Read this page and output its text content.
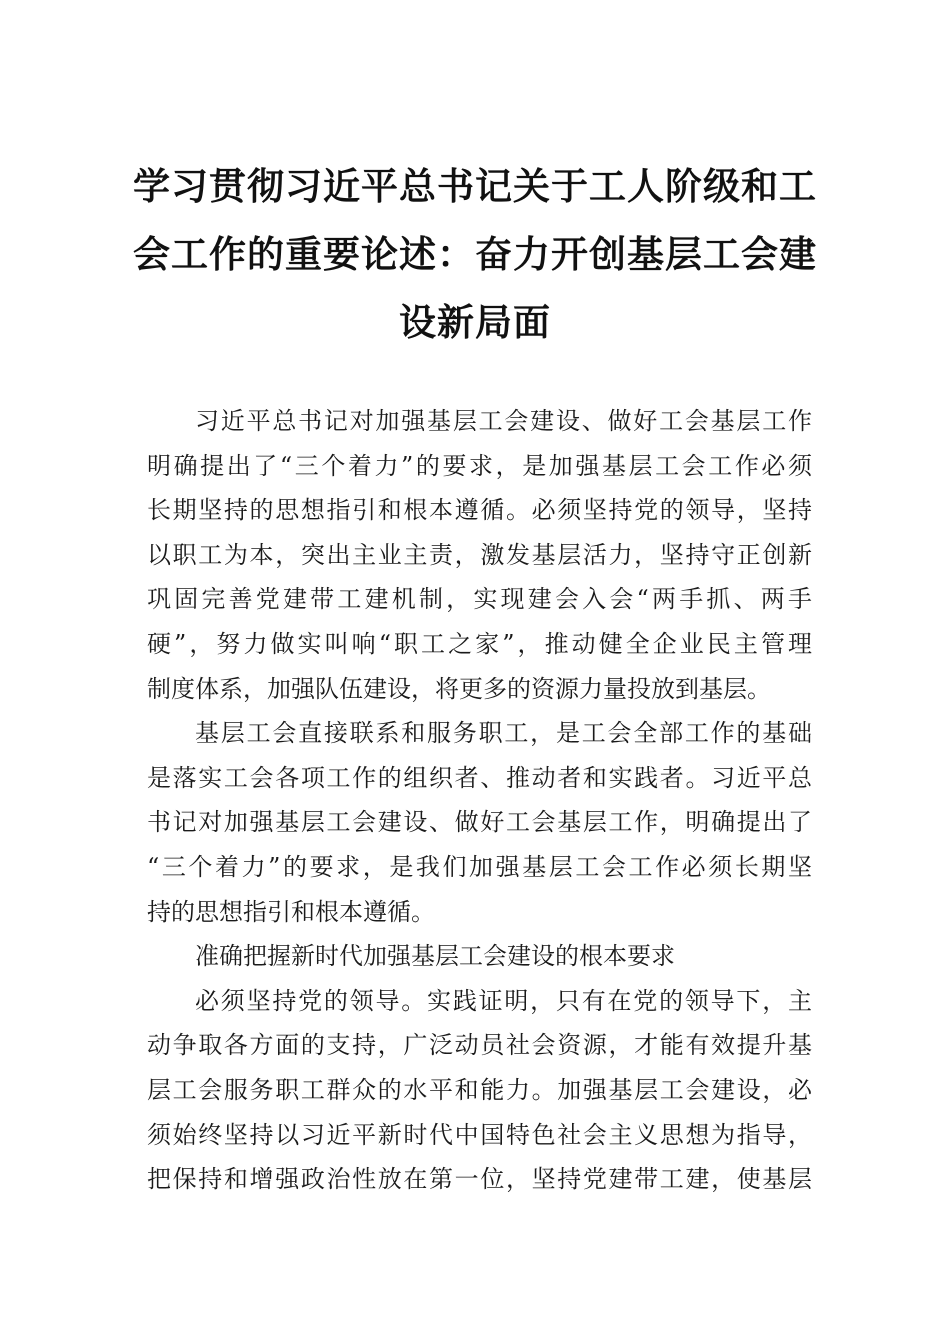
学习贯彻习近平总书记关于工人阶级和工
会工作的重要论述：奋力开创基层工会建
设新局面

习近平总书记对加强基层工会建设、做好工会基层工作
明确提出了“三个着力”的要求，是加强基层工会工作必须
长期坚持的思想指引和根本遵循。必须坚持党的领导，坚持
以职工为本，突出主业主责，激发基层活力，坚持守正创新
巩固完善党建带工建机制，实现建会入会“两手抓、两手
硬”，努力做实叫响“职工之家”，推动健全企业民主管理
制度体系，加强队伍建设，将更多的资源力量投放到基层。

基层工会直接联系和服务职工，是工会全部工作的基础
是落实工会各项工作的组织者、推动者和实践者。习近平总
书记对加强基层工会建设、做好工会基层工作，明确提出了
“三个着力”的要求，是我们加强基层工会工作必须长期坚
持的思想指引和根本遵循。

准确把握新时代加强基层工会建设的根本要求

必须坚持党的领导。实践证明，只有在党的领导下，主
动争取各方面的支持，广泛动员社会资源，才能有效提升基
层工会服务职工群众的水平和能力。加强基层工会建设，必
须始终坚持以习近平新时代中国特色社会主义思想为指导，
把保持和增强政治性放在第一位，坚持党建带工建，使基层
